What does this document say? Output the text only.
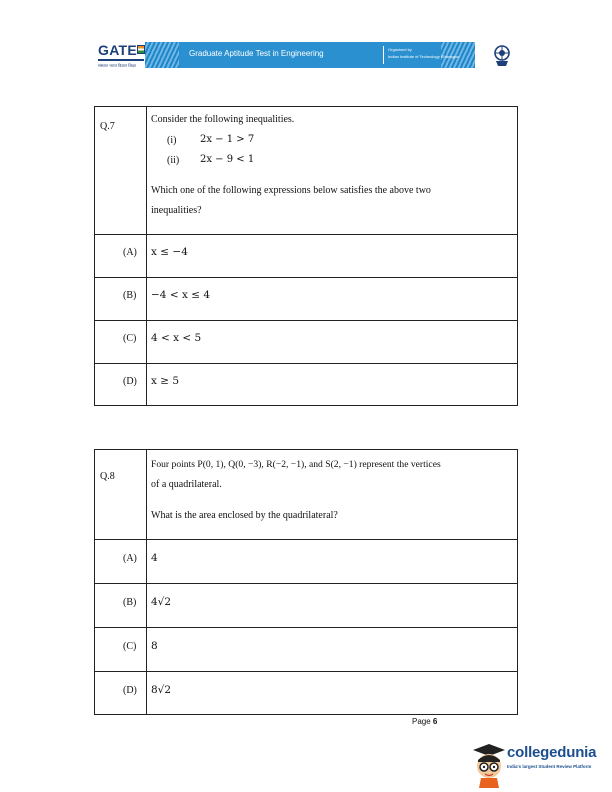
GATE
संस्थान भारत विज्ञान शिक्षा
Graduate Aptitude Test in Engineering	Organised by
Indian Institute of Technology Kharagpur
Q.7
Consider the following inequalities.
(i) 2x − 1 > 7
(ii) 2x − 9 < 1
Which one of the following expressions below satisfies the above two
inequalities?
(A) x ≤ −4
(B) −4 < x ≤ 4
(C) 4 < x < 5
(D) x ≥ 5
Q.8
Four points P(0, 1), Q(0, −3), R(−2, −1), and S(2, −1) represent the vertices
of a quadrilateral.
What is the area enclosed by the quadrilateral?
(A) 4
(B) 4√2
(C) 8
(D) 8√2
Page 6
collegedunia
India's largest Student Review Platform
